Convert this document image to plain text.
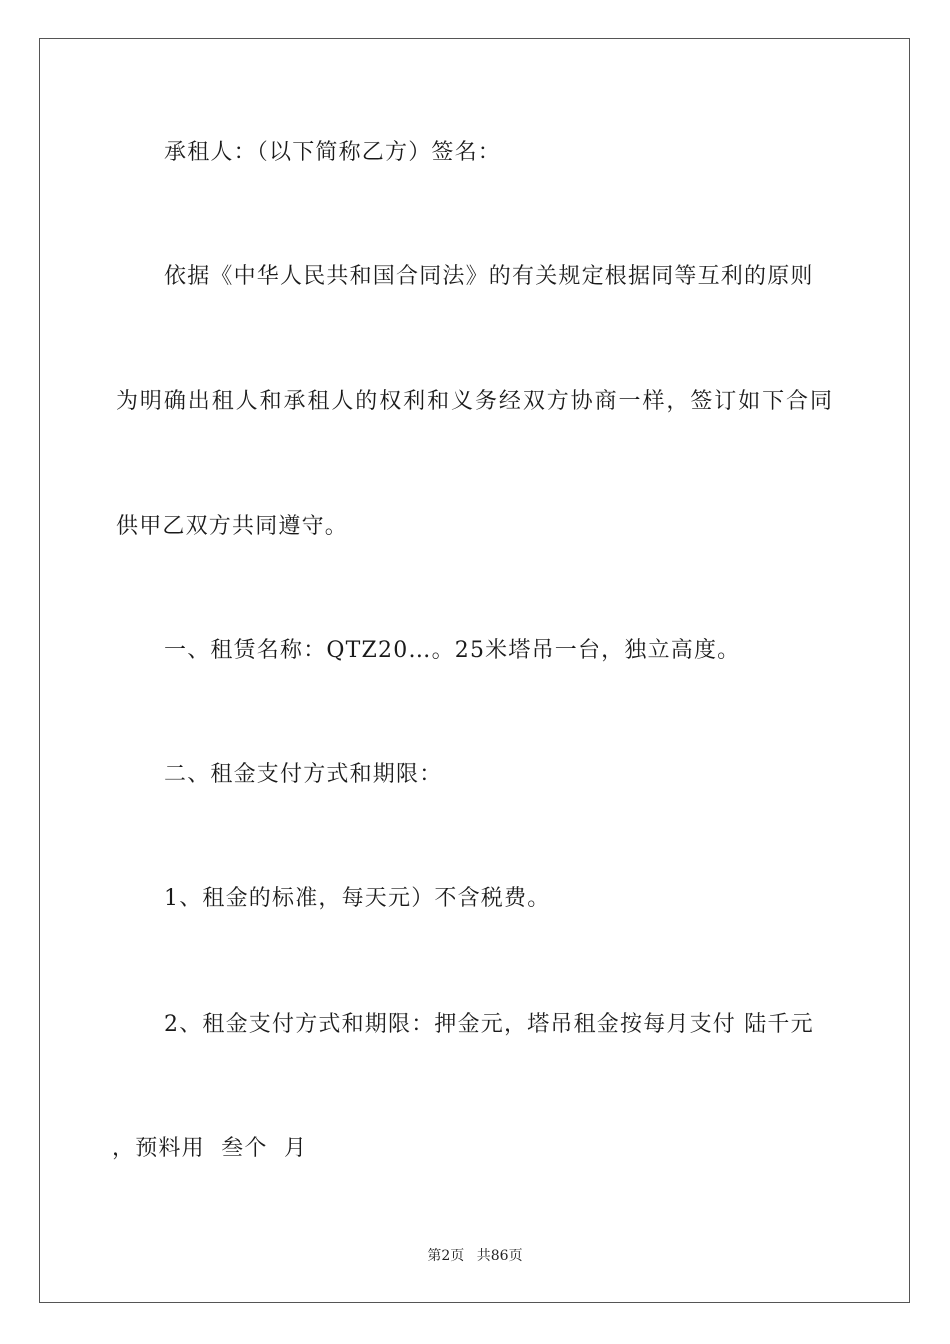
承租人：（以下简称乙方）签名：
依据《中华人民共和国合同法》的有关规定根据同等互利的原则
为明确出租人和承租人的权利和义务经双方协商一样，签订如下合同
供甲乙双方共同遵守。
一、租赁名称：QTZ20…。25米塔吊一台，独立高度。
二、租金支付方式和期限：
1、租金的标准，每天元）不含税费。
2、租金支付方式和期限：押金元，塔吊租金按每月支付 陆千元
，预料用  叁个  月
第2页 共86页
